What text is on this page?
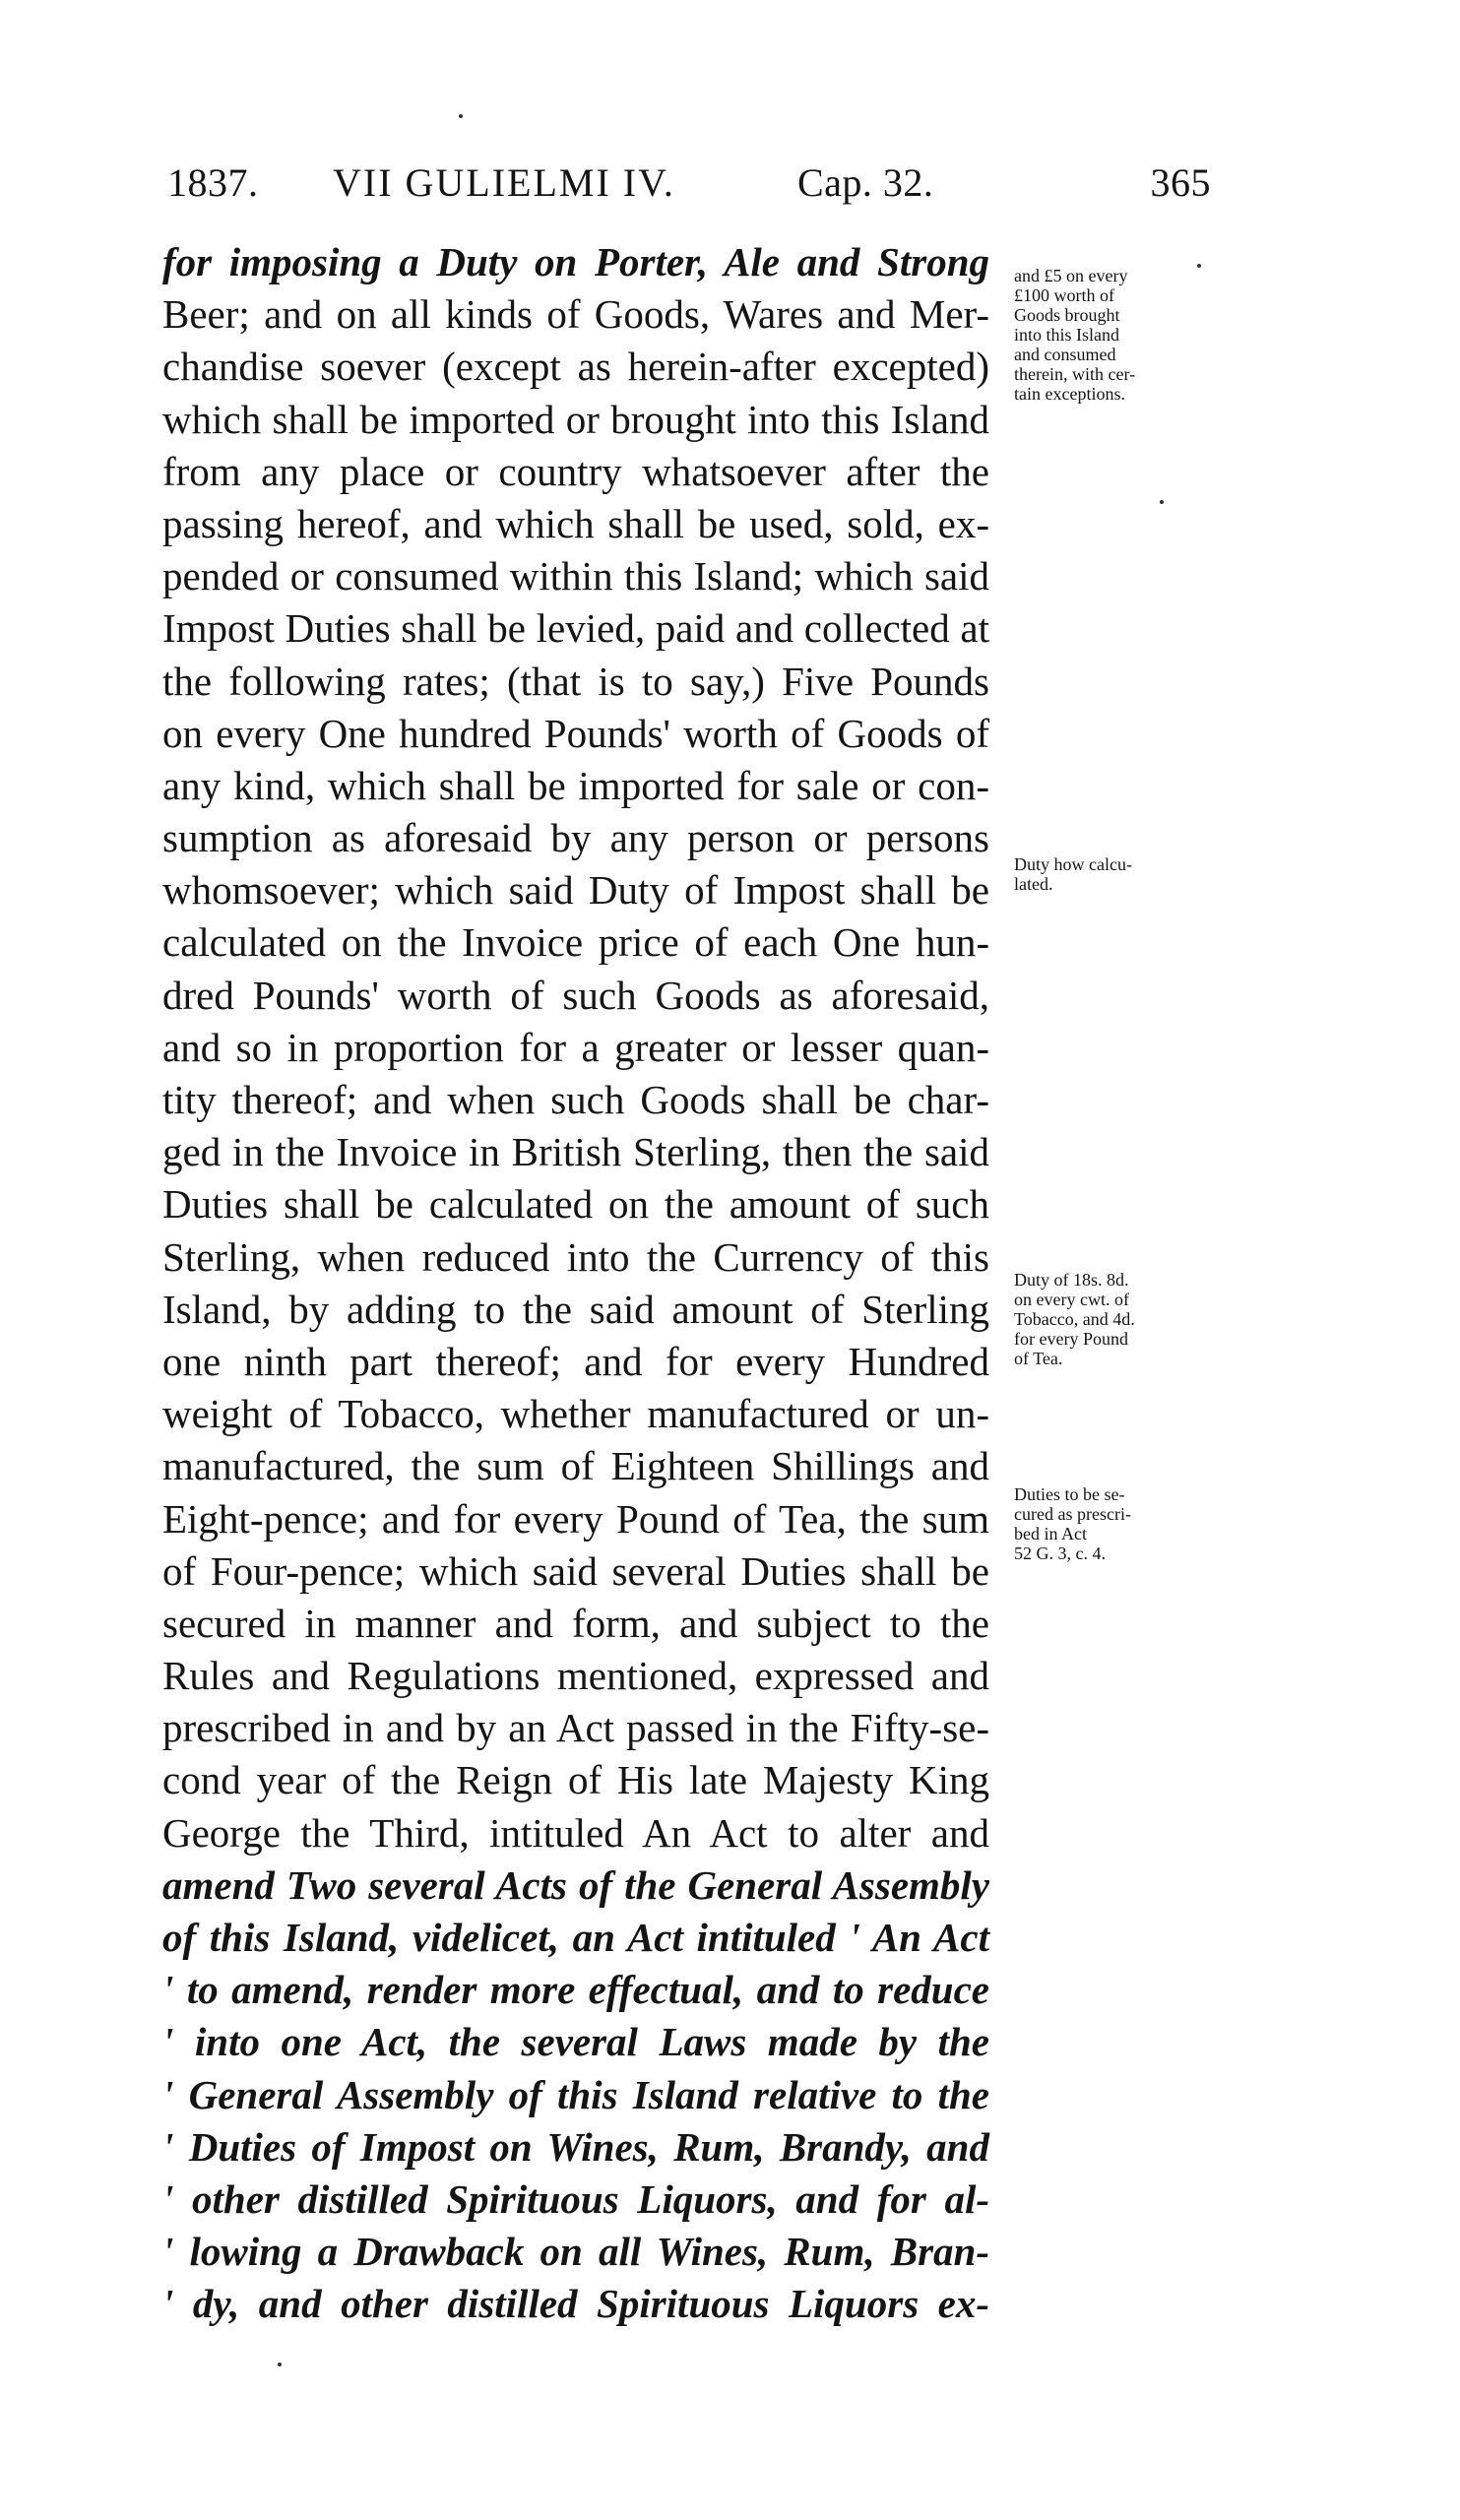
1837. VII GULIELMI IV.	Cap. 32.	365
for imposing a Duty on Porter, Ale and Strong
Beer; and on all kinds of Goods, Wares and Mer-
chandise soever (except as herein-after excepted)
which shall be imported or brought into this Island
from any place or country whatsoever after the
passing hereof, and which shall be used, sold, ex-
pended or consumed within this Island; which said
Impost Duties shall be levied, paid and collected at
the following rates; (that is to say,) Five Pounds
on every One hundred Pounds' worth of Goods of
any kind, which shall be imported for sale or con-
sumption as aforesaid by any person or persons
whomsoever; which said Duty of Impost shall be
calculated on the Invoice price of each One hun-
dred Pounds' worth of such Goods as aforesaid,
and so in proportion for a greater or lesser quan-
tity thereof; and when such Goods shall be char-
ged in the Invoice in British Sterling, then the said
Duties shall be calculated on the amount of such
Sterling, when reduced into the Currency of this
Island, by adding to the said amount of Sterling
one ninth part thereof; and for every Hundred
weight of Tobacco, whether manufactured or un-
manufactured, the sum of Eighteen Shillings and
Eight-pence; and for every Pound of Tea, the sum
of Four-pence; which said several Duties shall be
secured in manner and form, and subject to the
Rules and Regulations mentioned, expressed and
prescribed in and by an Act passed in the Fifty-se-
cond year of the Reign of His late Majesty King
George the Third, intituled An Act to alter and
amend Two several Acts of the General Assembly
of this Island, videlicet, an Act intituled ' An Act
' to amend, render more effectual, and to reduce
' into one Act, the several Laws made by the
' General Assembly of this Island relative to the
' Duties of Impost on Wines, Rum, Brandy, and
' other distilled Spirituous Liquors, and for al-
' lowing a Drawback on all Wines, Rum, Bran-
' dy, and other distilled Spirituous Liquors ex-
and £5 on every
£100 worth of
Goods brought
into this Island
and consumed
therein, with cer-
tain exceptions.
Duty how calcu-
lated.
Duty of 18s. 8d.
on every cwt. of
Tobacco, and 4d.
for every Pound
of Tea.
Duties to be se-
cured as prescri-
bed in Act
52 G. 3, c. 4.
